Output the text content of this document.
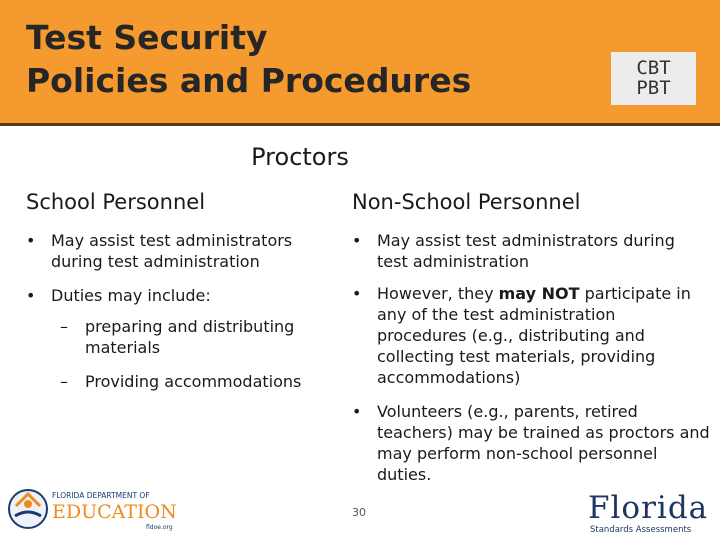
Test Security
Policies and Procedures	CBT
PBT
Proctors
School Personnel	Non-School Personnel
• May assist test administrators during test administration
• Duties may include:
–	preparing and distributing materials
–	Providing accommodations
• May assist test administrators during test administration
• However, they may NOT participate in any of the test administration procedures (e.g., distributing and collecting test materials, providing accommodations)
• Volunteers (e.g., parents, retired teachers) may be trained as proctors and may perform non-school personnel duties.
30
FLORIDA DEPARTMENT OF
EDUCATION
fldoe.org
Florida
Standards Assessments
